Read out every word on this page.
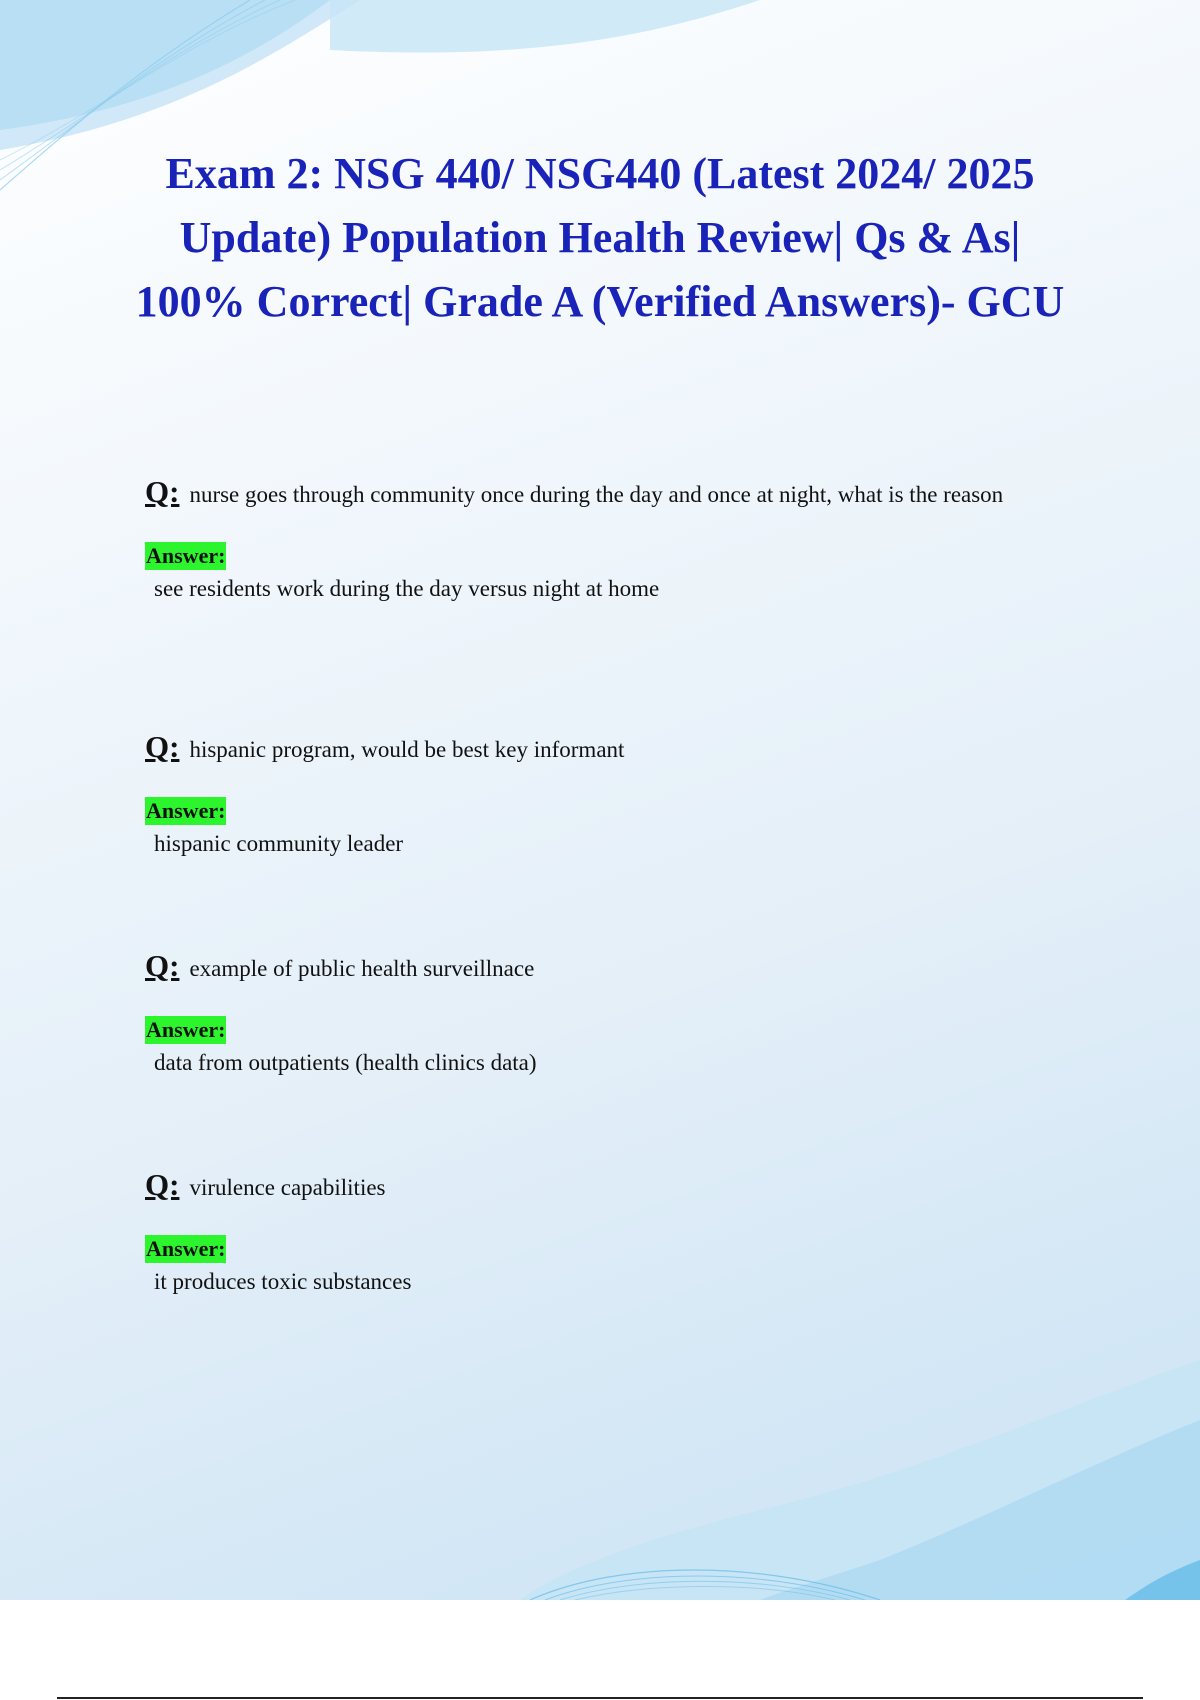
Exam 2: NSG 440/ NSG440 (Latest 2024/ 2025 Update) Population Health Review| Qs & As| 100% Correct| Grade A (Verified Answers)- GCU

Q: nurse goes through community once during the day and once at night, what is the reason

Answer:

see residents work during the day versus night at home

Q: hispanic program, would be best key informant

Answer:

hispanic community leader

Q: example of public health surveillnace

Answer:

data from outpatients (health clinics data)

Q: virulence capabilities

Answer:

it produces toxic substances
